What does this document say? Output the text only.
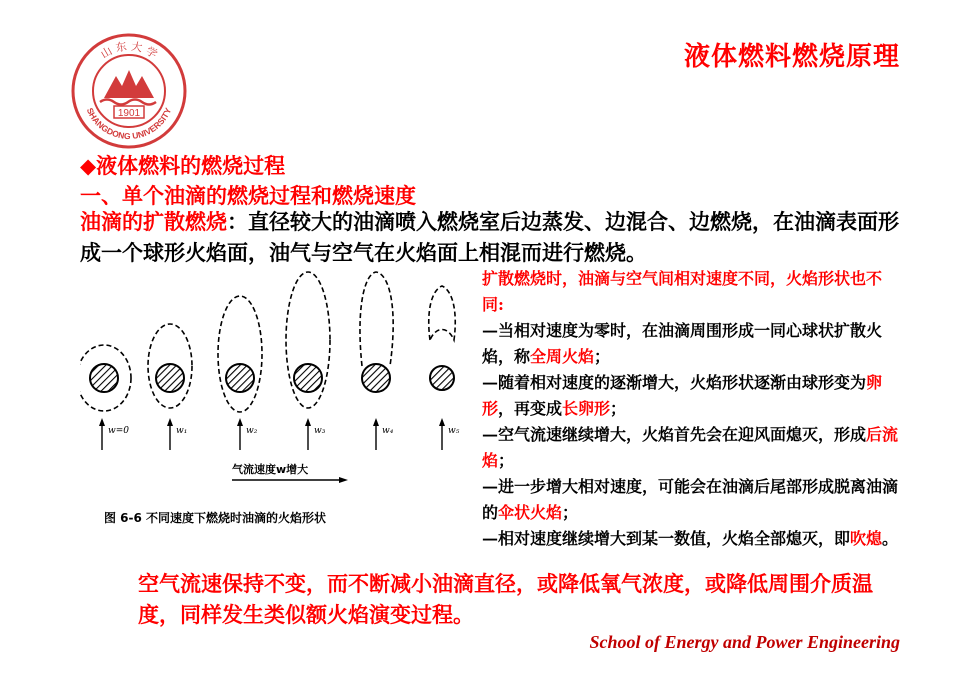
山 东 大 学
SHANGDONG UNIVERSITY
1901
液体燃料燃烧原理
◆液体燃料的燃烧过程
一、单个油滴的燃烧过程和燃烧速度
油滴的扩散燃烧：直径较大的油滴喷入燃烧室后边蒸发、边混合、边燃烧，在油滴表面形成一个球形火焰面，油气与空气在火焰面上相混而进行燃烧。
w=0	w₁	w₂	w₃	w₄	w₅
气流速度w增大
图 6-6 不同速度下燃烧时油滴的火焰形状

扩散燃烧时，油滴与空气间相对速度不同，火焰形状也不同:

—当相对速度为零时，在油滴周围形成一同心球状扩散火焰，称全周火焰；

—随着相对速度的逐渐增大，火焰形状逐渐由球形变为卵形，再变成长卵形；

—空气流速继续增大，火焰首先会在迎风面熄灭，形成后流焰；

—进一步增大相对速度，可能会在油滴后尾部形成脱离油滴的伞状火焰；

—相对速度继续增大到某一数值，火焰全部熄灭，即吹熄。

空气流速保持不变，而不断减小油滴直径，或降低氧气浓度，或降低周围介质温度，同样发生类似额火焰演变过程。
School of Energy and Power Engineering
